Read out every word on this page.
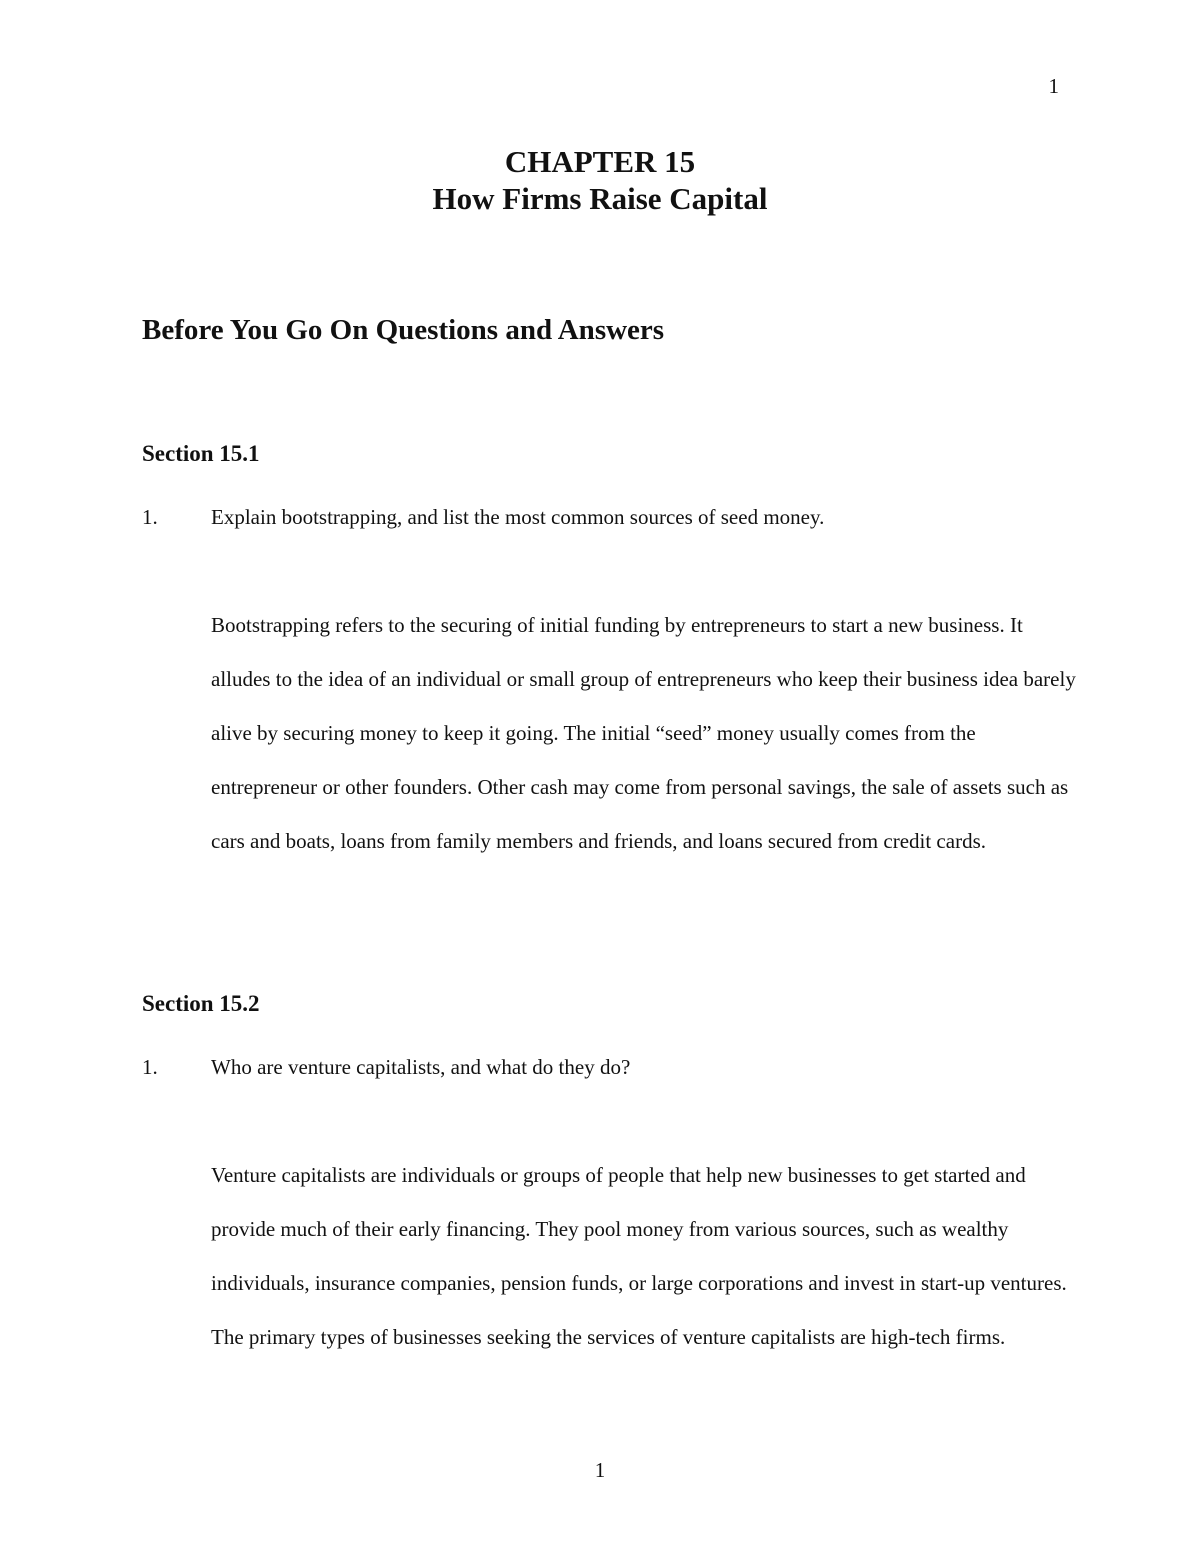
1
CHAPTER 15
How Firms Raise Capital
Before You Go On Questions and Answers
Section 15.1
1.	Explain bootstrapping, and list the most common sources of seed money.
Bootstrapping refers to the securing of initial funding by entrepreneurs to start a new business. It alludes to the idea of an individual or small group of entrepreneurs who keep their business idea barely alive by securing money to keep it going. The initial “seed” money usually comes from the entrepreneur or other founders. Other cash may come from personal savings, the sale of assets such as cars and boats, loans from family members and friends, and loans secured from credit cards.
Section 15.2
1.	Who are venture capitalists, and what do they do?
Venture capitalists are individuals or groups of people that help new businesses to get started and provide much of their early financing. They pool money from various sources, such as wealthy individuals, insurance companies, pension funds, or large corporations and invest in start-up ventures. The primary types of businesses seeking the services of venture capitalists are high-tech firms.
1
